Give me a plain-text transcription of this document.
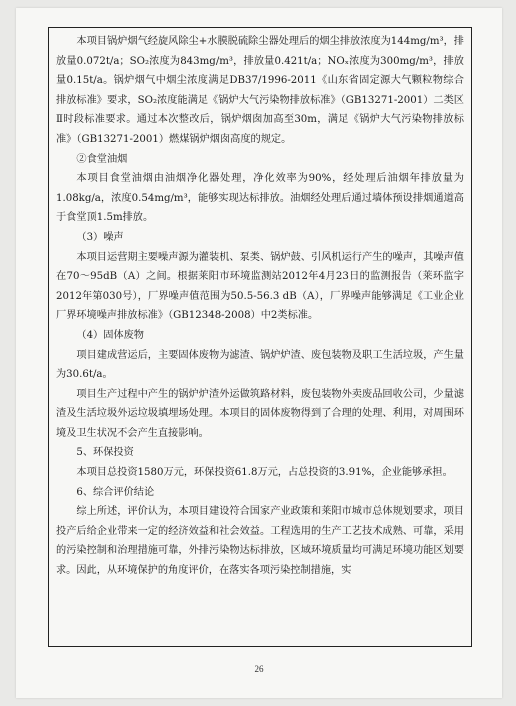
本项目锅炉烟气经旋风除尘+水膜脱硫除尘器处理后的烟尘排放浓度为144mg/m³，排放量0.072t/a；SO₂浓度为843mg/m³，排放量0.421t/a；NOₓ浓度为300mg/m³，排放量0.15t/a。锅炉烟气中烟尘浓度满足DB37/1996-2011《山东省固定源大气颗粒物综合排放标准》要求，SO₂浓度能满足《锅炉大气污染物排放标准》（GB13271-2001）二类区Ⅱ时段标准要求。通过本次整改后，锅炉烟囱加高至30m，满足《锅炉大气污染物排放标准》（GB13271-2001）燃煤锅炉烟囱高度的规定。

②食堂油烟

本项目食堂油烟由油烟净化器处理，净化效率为90%，经处理后油烟年排放量为1.08kg/a，浓度0.54mg/m³，能够实现达标排放。油烟经处理后通过墙体预设排烟通道高于食堂顶1.5m排放。

（3）噪声

本项目运营期主要噪声源为灌装机、泵类、锅炉鼓、引风机运行产生的噪声，其噪声值在70～95dB（A）之间。根据莱阳市环境监测站2012年4月23日的监测报告（莱环监字2012年第030号），厂界噪声值范围为50.5-56.3 dB（A），厂界噪声能够满足《工业企业厂界环境噪声排放标准》（GB12348-2008）中2类标准。

（4）固体废物

项目建成营运后，主要固体废物为滤渣、锅炉炉渣、废包装物及职工生活垃圾，产生量为30.6t/a。

项目生产过程中产生的锅炉炉渣外运做筑路材料，废包装物外卖废品回收公司，少量滤渣及生活垃圾外运垃圾填埋场处理。本项目的固体废物得到了合理的处理、利用，对周围环境及卫生状况不会产生直接影响。

5、环保投资

本项目总投资1580万元，环保投资61.8万元，占总投资的3.91%，企业能够承担。

6、综合评价结论

综上所述，评价认为，本项目建设符合国家产业政策和莱阳市城市总体规划要求，项目投产后给企业带来一定的经济效益和社会效益。工程选用的生产工艺技术成熟、可靠，采用的污染控制和治理措施可靠，外排污染物达标排放，区域环境质量均可满足环境功能区划要求。因此，从环境保护的角度评价，在落实各项污染控制措施，实

26
